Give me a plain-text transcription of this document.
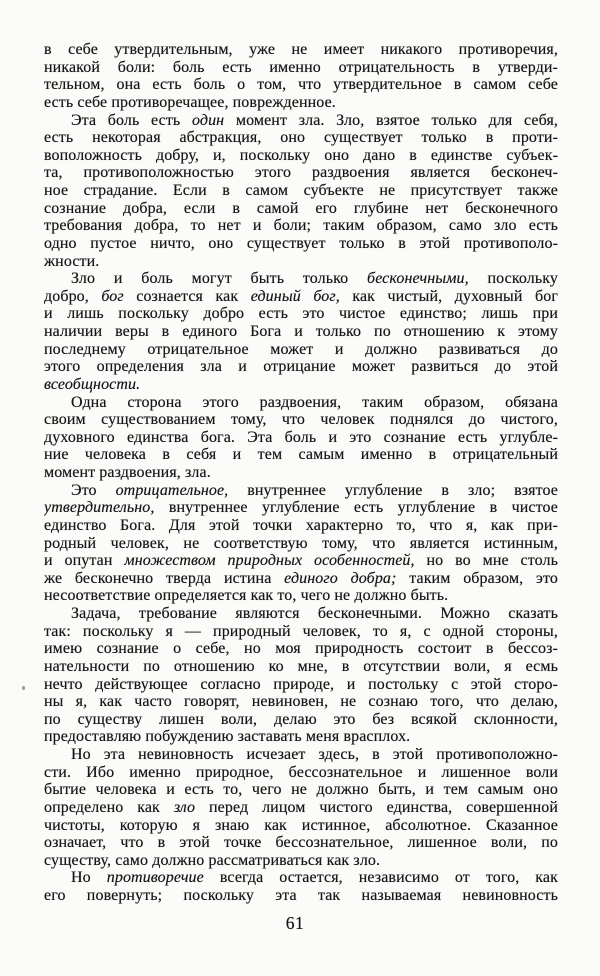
в себе утвердительным, уже не имеет никакого противоречия,
никакой боли: боль есть именно отрицательность в утверди-
тельном, она есть боль о том, что утвердительное в самом себе
есть себе противоречащее, поврежденное.
Эта боль есть один момент зла. Зло, взятое только для себя,
есть некоторая абстракция, оно существует только в проти-
воположность добру, и, поскольку оно дано в единстве субъек-
та, противоположностью этого раздвоения является бесконеч-
ное страдание. Если в самом субъекте не присутствует также
сознание добра, если в самой его глубине нет бесконечного
требования добра, то нет и боли; таким образом, само зло есть
одно пустое ничто, оно существует только в этой противополо-
жности.
Зло и боль могут быть только бесконечными, поскольку
добро, бог сознается как единый бог, как чистый, духовный бог
и лишь поскольку добро есть это чистое единство; лишь при
наличии веры в единого Бога и только по отношению к этому
последнему отрицательное может и должно развиваться до
этого определения зла и отрицание может развиться до этой
всеобщности.
Одна сторона этого раздвоения, таким образом, обязана
своим существованием тому, что человек поднялся до чистого,
духовного единства бога. Эта боль и это сознание есть углубле-
ние человека в себя и тем самым именно в отрицательный
момент раздвоения, зла.
Это отрицательное, внутреннее углубление в зло; взятое
утвердительно, внутреннее углубление есть углубление в чистое
единство Бога. Для этой точки характерно то, что я, как при-
родный человек, не соответствую тому, что является истинным,
и опутан множеством природных особенностей, но во мне столь
же бесконечно тверда истина единого добра; таким образом, это
несоответствие определяется как то, чего не должно быть.
Задача, требование являются бесконечными. Можно сказать
так: поскольку я — природный человек, то я, с одной стороны,
имею сознание о себе, но моя природность состоит в бессоз-
нательности по отношению ко мне, в отсутствии воли, я есмь
нечто действующее согласно природе, и постольку с этой сторо-
ны я, как часто говорят, невиновен, не сознаю того, что делаю,
по существу лишен воли, делаю это без всякой склонности,
предоставляю побуждению заставать меня врасплох.
Но эта невиновность исчезает здесь, в этой противоположно-
сти. Ибо именно природное, бессознательное и лишенное воли
бытие человека и есть то, чего не должно быть, и тем самым оно
определено как зло перед лицом чистого единства, совершенной
чистоты, которую я знаю как истинное, абсолютное. Сказанное
означает, что в этой точке бессознательное, лишенное воли, по
существу, само должно рассматриваться как зло.
Но противоречие всегда остается, независимо от того, как
его повернуть; поскольку эта так называемая невиновность
61
